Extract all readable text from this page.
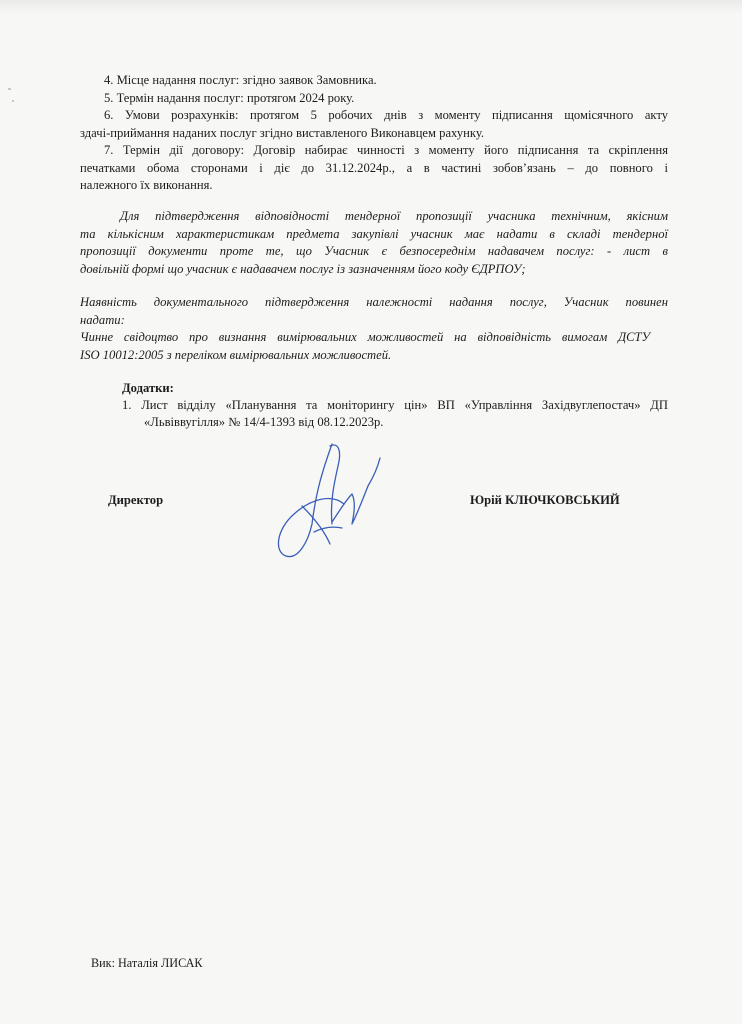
4. Місце надання послуг: згідно заявок Замовника.
5. Термін надання послуг: протягом 2024 року.
6. Умови розрахунків: протягом 5 робочих днів з моменту підписання щомісячного акту
здачі-приймання наданих послуг згідно виставленого Виконавцем рахунку.
7. Термін дії договору: Договір набирає чинності з моменту його підписання та скріплення
печатками обома сторонами і діє до 31.12.2024р., а в частині зобов’язань – до повного і
належного їх виконання.
Для підтвердження відповідності тендерної пропозиції учасника технічним, якісним
та кількісним характеристикам предмета закупівлі учасник має надати в складі тендерної
пропозиції документи проте те, що Учасник є безпосереднім надавачем послуг: - лист в
довільній формі що учасник є надавачем послуг із зазначенням його коду ЄДРПОУ;
Наявність документального підтвердження належності надання послуг, Учасник повинен
надати:
Чинне свідоцтво про визнання вимірювальних можливостей на відповідність вимогам ДСТУ
ISO 10012:2005 з переліком вимірювальних можливостей.
Додатки:
1. Лист відділу «Планування та моніторингу цін» ВП «Управління Західвуглепостач» ДП
«Львіввугілля» № 14/4-1393 від 08.12.2023р.
Директор	Юрій КЛЮЧКОВСЬКИЙ
Вик: Наталія ЛИСАК
